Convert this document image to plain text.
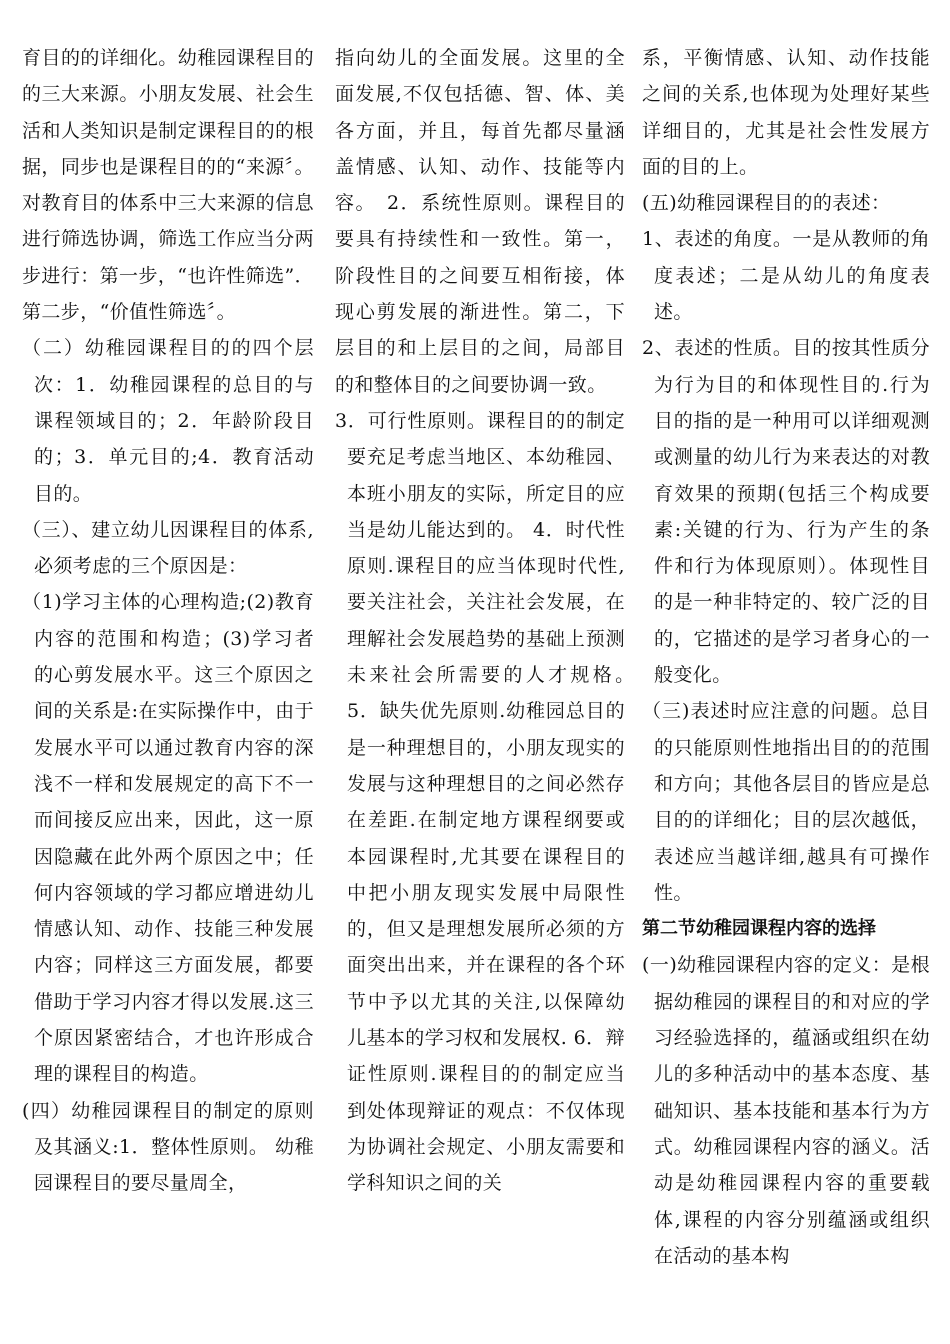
育目的的详细化。幼稚园课程目的的三大来源。小朋友发展、社会生活和人类知识是制定课程目的的根据，同步也是课程目的的“来源〞。 对教育目的体系中三大来源的信息进行筛选协调，筛选工作应当分两步进行：第一步，“也许性筛选”．第二步，“价值性筛选〞。

（二）幼稚园课程目的的四个层次：1．幼稚园课程的总目的与课程领域目的；2．年龄阶段目的；3．单元目的;4．教育活动目的。

（三）、建立幼儿因课程目的体系,必须考虑的三个原因是：

（1)学习主体的心理构造;(2)教育内容的范围和构造；(3)学习者的心剪发展水平。这三个原因之间的关系是:在实际操作中，由于发展水平可以通过教育内容的深浅不一样和发展规定的高下不一而间接反应出来，因此，这一原因隐藏在此外两个原因之中；任何内容领域的学习都应增进幼儿情感认知、动作、技能三种发展内容；同样这三方面发展，都要借助于学习内容才得以发展.这三个原因紧密结合，才也许形成合理的课程目的构造。

(四）幼稚园课程目的制定的原则及其涵义:1．整体性原则。 幼稚园课程目的要尽量周全，

指向幼儿的全面发展。这里的全面发展,不仅包括德、智、体、美各方面，并且，每首先都尽量涵盖情感、认知、动作、技能等内容。　2．系统性原则。课程目的要具有持续性和一致性。第一，阶段性目的之间要互相衔接，体现心剪发展的渐进性。第二，下层目的和上层目的之间，局部目的和整体目的之间要协调一致。

3．可行性原则。课程目的的制定要充足考虑当地区、本幼稚园、本班小朋友的实际，所定目的应当是幼儿能达到的。 4．时代性原则.课程目的应当体现时代性,要关注社会，关注社会发展，在理解社会发展趋势的基础上预测未来社会所需要的人才规格。　 5．缺失优先原则.幼稚园总目的是一种理想目的，小朋友现实的发展与这种理想目的之间必然存在差距.在制定地方课程纲要或本园课程时,尤其要在课程目的中把小朋友现实发展中局限性的，但又是理想发展所必须的方面突出出来，并在课程的各个环节中予以尤其的关注,以保障幼儿基本的学习权和发展权. 6．辩证性原则.课程目的的制定应当到处体现辩证的观点：不仅体现为协调社会规定、小朋友需要和学科知识之间的关

系，平衡情感、认知、动作技能之间的关系,也体现为处理好某些详细目的，尤其是社会性发展方面的目的上。

(五)幼稚园课程目的的表述：

1、表述的角度。一是从教师的角度表述；二是从幼儿的角度表述。

2、表述的性质。目的按其性质分为行为目的和体现性目的.行为目的指的是一种用可以详细观测或测量的幼儿行为来表达的对教育效果的预期(包括三个构成要素:关键的行为、行为产生的条件和行为体现原则）。体现性目的是一种非特定的、较广泛的目的，它描述的是学习者身心的一般变化。

（三)表述时应注意的问题。总目的只能原则性地指出目的的范围和方向；其他各层目的皆应是总目的的详细化；目的层次越低，表述应当越详细,越具有可操作性。

第二节幼稚园课程内容的选择

(一)幼稚园课程内容的定义：是根据幼稚园的课程目的和对应的学习经验选择的，蕴涵或组织在幼儿的多种活动中的基本态度、基础知识、基本技能和基本行为方式。幼稚园课程内容的涵义。活动是幼稚园课程内容的重要载体,课程的内容分别蕴涵或组织在活动的基本构
